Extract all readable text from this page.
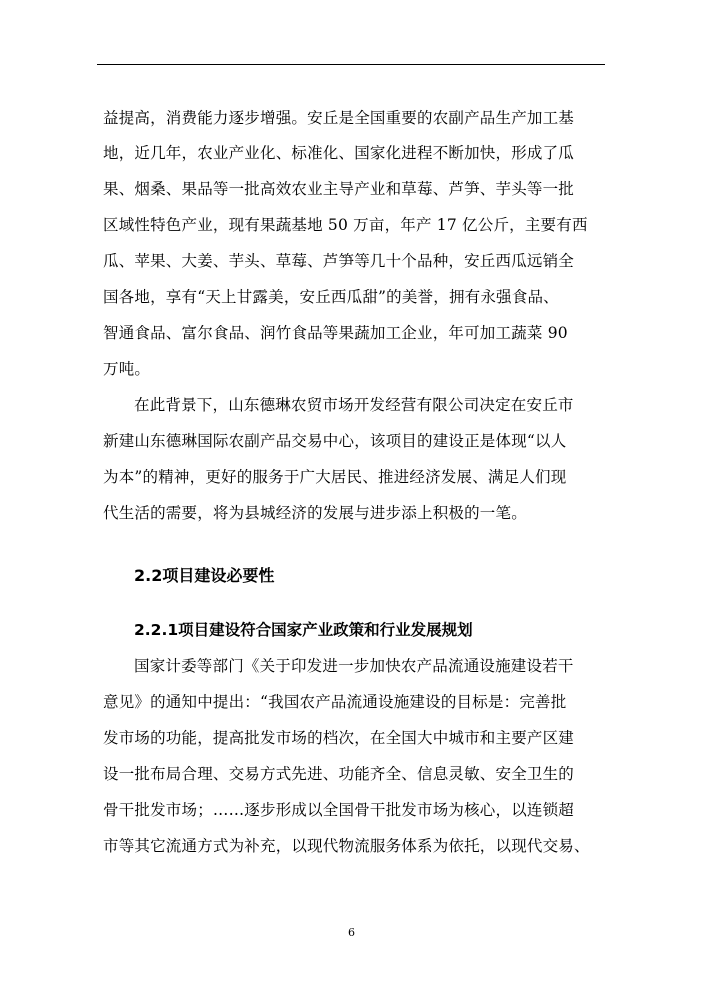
益提高，消费能力逐步增强。安丘是全国重要的农副产品生产加工基
地，近几年，农业产业化、标准化、国家化进程不断加快，形成了瓜
果、烟桑、果品等一批高效农业主导产业和草莓、芦笋、芋头等一批
区域性特色产业，现有果蔬基地 50 万亩，年产 17 亿公斤，主要有西
瓜、苹果、大姜、芋头、草莓、芦笋等几十个品种，安丘西瓜远销全
国各地，享有“天上甘露美，安丘西瓜甜”的美誉，拥有永强食品、
智通食品、富尔食品、润竹食品等果蔬加工企业，年可加工蔬菜 90
万吨。
在此背景下，山东德琳农贸市场开发经营有限公司决定在安丘市
新建山东德琳国际农副产品交易中心，该项目的建设正是体现“以人
为本”的精神，更好的服务于广大居民、推进经济发展、满足人们现
代生活的需要，将为县城经济的发展与进步添上积极的一笔。
2.2项目建设必要性
2.2.1项目建设符合国家产业政策和行业发展规划
国家计委等部门《关于印发进一步加快农产品流通设施建设若干
意见》的通知中提出：“我国农产品流通设施建设的目标是：完善批
发市场的功能，提高批发市场的档次，在全国大中城市和主要产区建
设一批布局合理、交易方式先进、功能齐全、信息灵敏、安全卫生的
骨干批发市场；……逐步形成以全国骨干批发市场为核心，以连锁超
市等其它流通方式为补充，以现代物流服务体系为依托，以现代交易、
6
